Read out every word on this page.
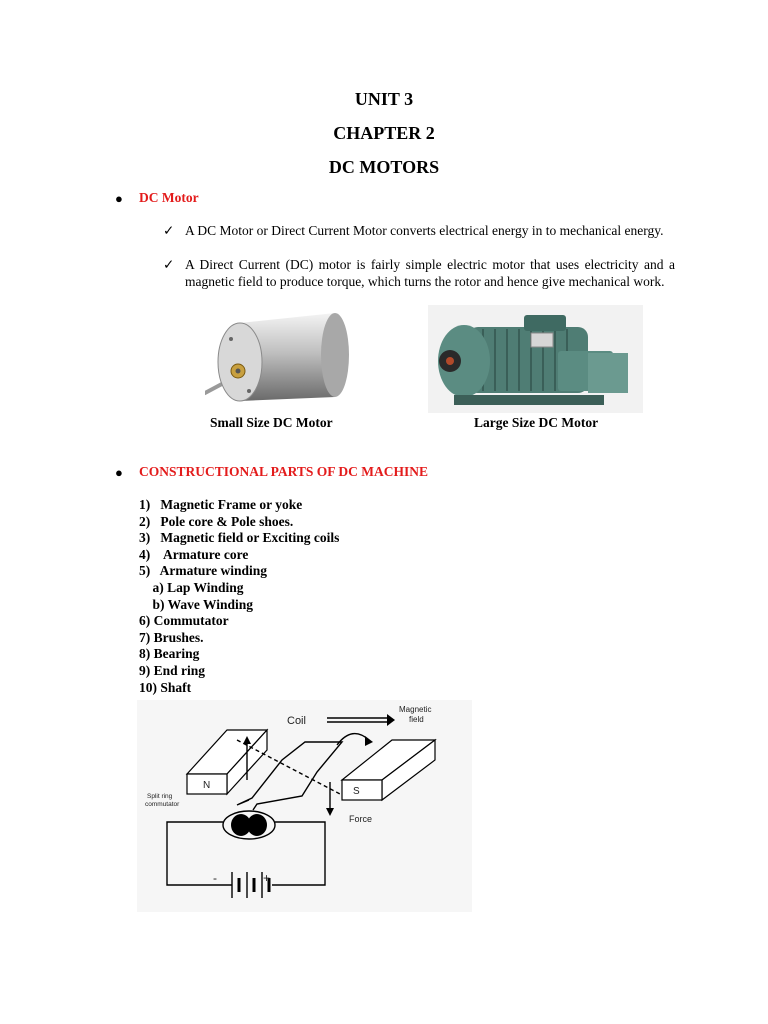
UNIT 3
CHAPTER 2
DC MOTORS
● DC Motor
✓ A DC Motor or Direct Current Motor converts electrical energy in to mechanical energy.
✓ A Direct Current (DC) motor is fairly simple electric motor that uses electricity and a magnetic field to produce torque, which turns the rotor and hence give mechanical work.
Small Size DC Motor	Large Size DC Motor
● CONSTRUCTIONAL PARTS OF DC MACHINE
1)   Magnetic Frame or yoke
2)   Pole core & Pole shoes.
3)   Magnetic field or Exciting coils
4)    Armature core
5)   Armature winding
a) Lap Winding
b) Wave Winding
6) Commutator
7) Brushes.
8) Bearing
9) End ring
10) Shaft
Coil
Magnetic
field
N
S
Split ring
commutator
Force
-	+
